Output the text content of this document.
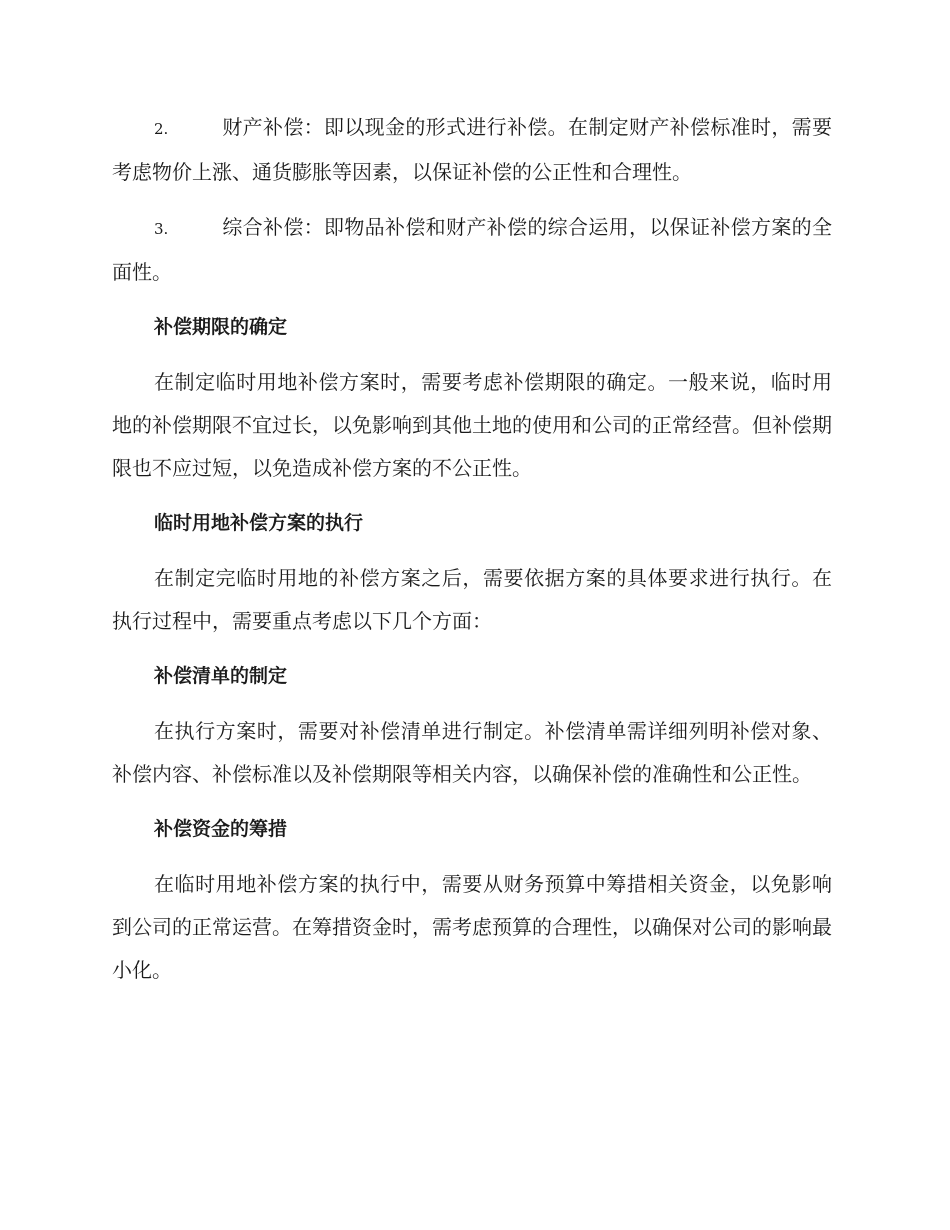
2.	财产补偿：即以现金的形式进行补偿。在制定财产补偿标准时，需要考虑物价上涨、通货膨胀等因素，以保证补偿的公正性和合理性。

3.	综合补偿：即物品补偿和财产补偿的综合运用，以保证补偿方案的全面性。

补偿期限的确定

在制定临时用地补偿方案时，需要考虑补偿期限的确定。一般来说，临时用地的补偿期限不宜过长，以免影响到其他土地的使用和公司的正常经营。但补偿期限也不应过短，以免造成补偿方案的不公正性。

临时用地补偿方案的执行

在制定完临时用地的补偿方案之后，需要依据方案的具体要求进行执行。在执行过程中，需要重点考虑以下几个方面：

补偿清单的制定

在执行方案时，需要对补偿清单进行制定。补偿清单需详细列明补偿对象、补偿内容、补偿标准以及补偿期限等相关内容，以确保补偿的准确性和公正性。

补偿资金的筹措

在临时用地补偿方案的执行中，需要从财务预算中筹措相关资金，以免影响到公司的正常运营。在筹措资金时，需考虑预算的合理性，以确保对公司的影响最小化。
